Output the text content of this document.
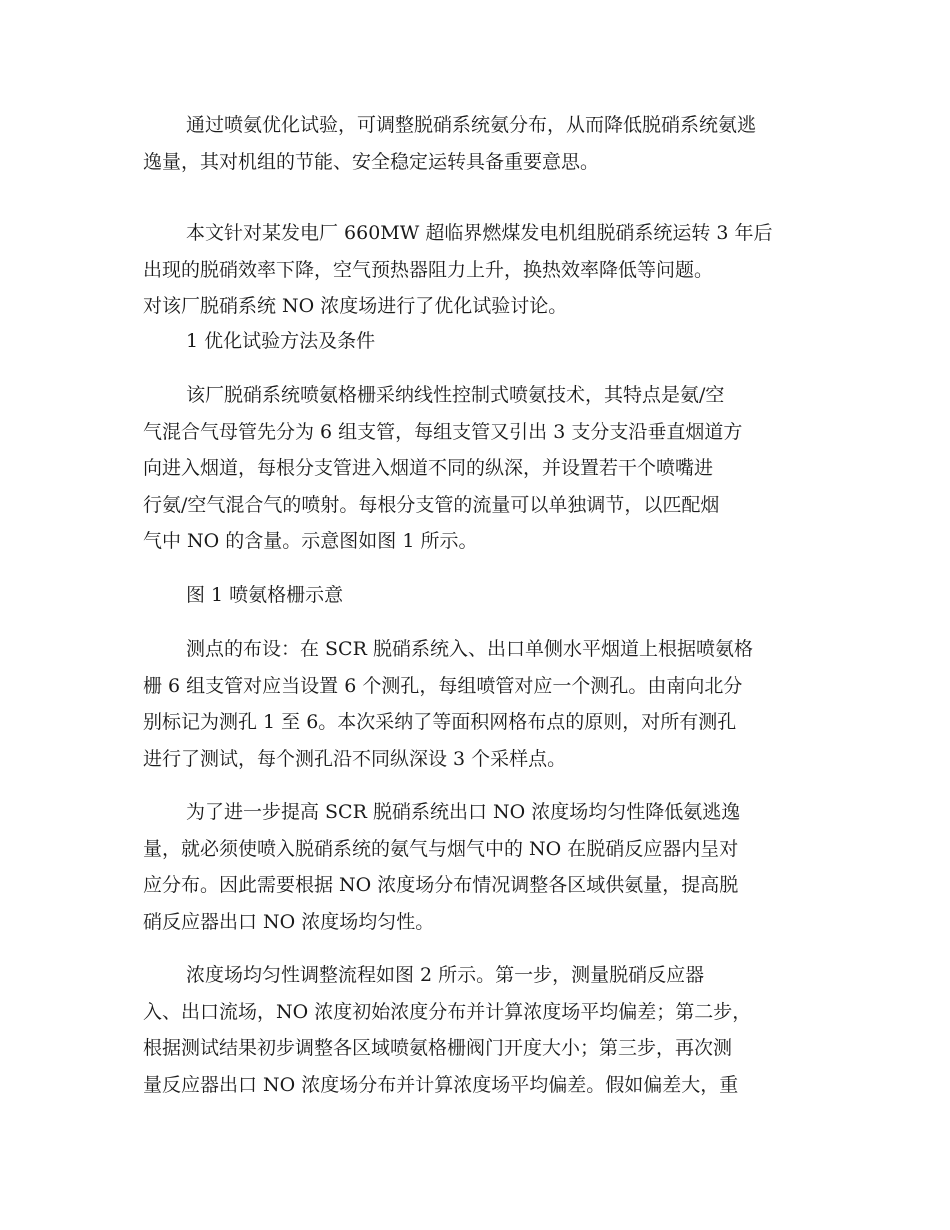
通过喷氨优化试验，可调整脱硝系统氨分布，从而降低脱硝系统氨逃
逸量，其对机组的节能、安全稳定运转具备重要意思。
本文针对某发电厂 660MW 超临界燃煤发电机组脱硝系统运转 3 年后
出现的脱硝效率下降，空气预热器阻力上升，换热效率降低等问题。
对该厂脱硝系统 NO 浓度场进行了优化试验讨论。
1 优化试验方法及条件
该厂脱硝系统喷氨格栅采纳线性控制式喷氨技术，其特点是氨/空
气混合气母管先分为 6 组支管，每组支管又引出 3 支分支沿垂直烟道方
向进入烟道，每根分支管进入烟道不同的纵深，并设置若干个喷嘴进
行氨/空气混合气的喷射。每根分支管的流量可以单独调节，以匹配烟
气中 NO 的含量。示意图如图 1 所示。
图 1 喷氨格栅示意
测点的布设：在 SCR 脱硝系统入、出口单侧水平烟道上根据喷氨格
栅 6 组支管对应当设置 6 个测孔，每组喷管对应一个测孔。由南向北分
别标记为测孔 1 至 6。本次采纳了等面积网格布点的原则，对所有测孔
进行了测试，每个测孔沿不同纵深设 3 个采样点。
为了进一步提高 SCR 脱硝系统出口 NO 浓度场均匀性降低氨逃逸
量，就必须使喷入脱硝系统的氨气与烟气中的 NO 在脱硝反应器内呈对
应分布。因此需要根据 NO 浓度场分布情况调整各区域供氨量，提高脱
硝反应器出口 NO 浓度场均匀性。
浓度场均匀性调整流程如图 2 所示。第一步，测量脱硝反应器
入、出口流场，NO 浓度初始浓度分布并计算浓度场平均偏差；第二步，
根据测试结果初步调整各区域喷氨格栅阀门开度大小；第三步，再次测
量反应器出口 NO 浓度场分布并计算浓度场平均偏差。假如偏差大，重
